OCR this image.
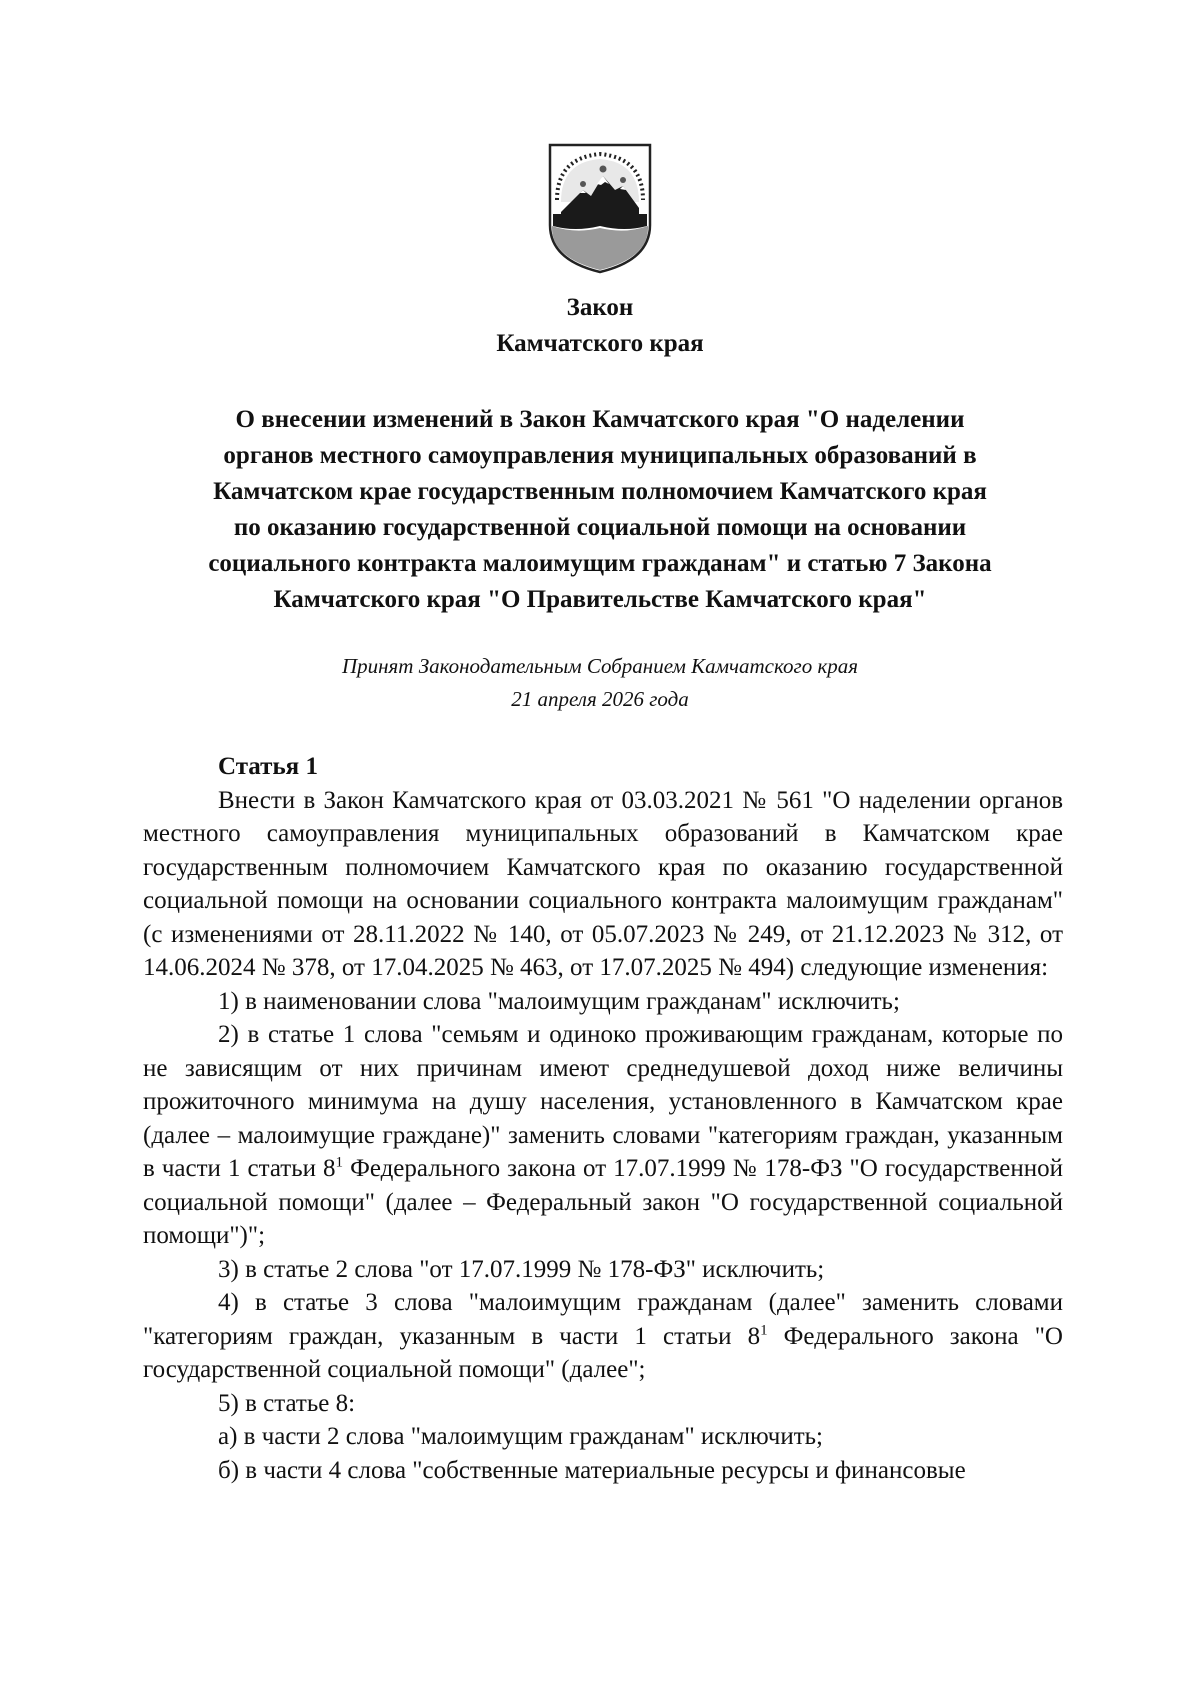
Закон
Камчатского края
О внесении изменений в Закон Камчатского края "О наделении
органов местного самоуправления муниципальных образований в
Камчатском крае государственным полномочием Камчатского края
по оказанию государственной социальной помощи на основании
социального контракта малоимущим гражданам" и статью 7 Закона
Камчатского края "О Правительстве Камчатского края"
Принят Законодательным Собранием Камчатского края
21 апреля 2026 года
Статья 1

Внести в Закон Камчатского края от 03.03.2021 № 561 "О наделении органов местного самоуправления муниципальных образований в Камчатском крае государственным полномочием Камчатского края по оказанию государственной социальной помощи на основании социального контракта малоимущим гражданам" (с изменениями от 28.11.2022 № 140, от 05.07.2023 № 249, от 21.12.2023 № 312, от 14.06.2024 № 378, от 17.04.2025 № 463, от 17.07.2025 № 494) следующие изменения:

1) в наименовании слова "малоимущим гражданам" исключить;

2) в статье 1 слова "семьям и одиноко проживающим гражданам, которые по не зависящим от них причинам имеют среднедушевой доход ниже величины прожиточного минимума на душу населения, установленного в Камчатском крае (далее – малоимущие граждане)" заменить словами "категориям граждан, указанным в части 1 статьи $8^1$ Федерального закона от 17.07.1999 № 178-ФЗ "О государственной социальной помощи" (далее – Федеральный закон "О государственной социальной помощи")";

3) в статье 2 слова "от 17.07.1999 № 178-ФЗ" исключить;

4) в статье 3 слова "малоимущим гражданам (далее" заменить словами "категориям граждан, указанным в части 1 статьи $8^1$ Федерального закона "О государственной социальной помощи" (далее";

5) в статье 8:

а) в части 2 слова "малоимущим гражданам" исключить;

б) в части 4 слова "собственные материальные ресурсы и финансовые
